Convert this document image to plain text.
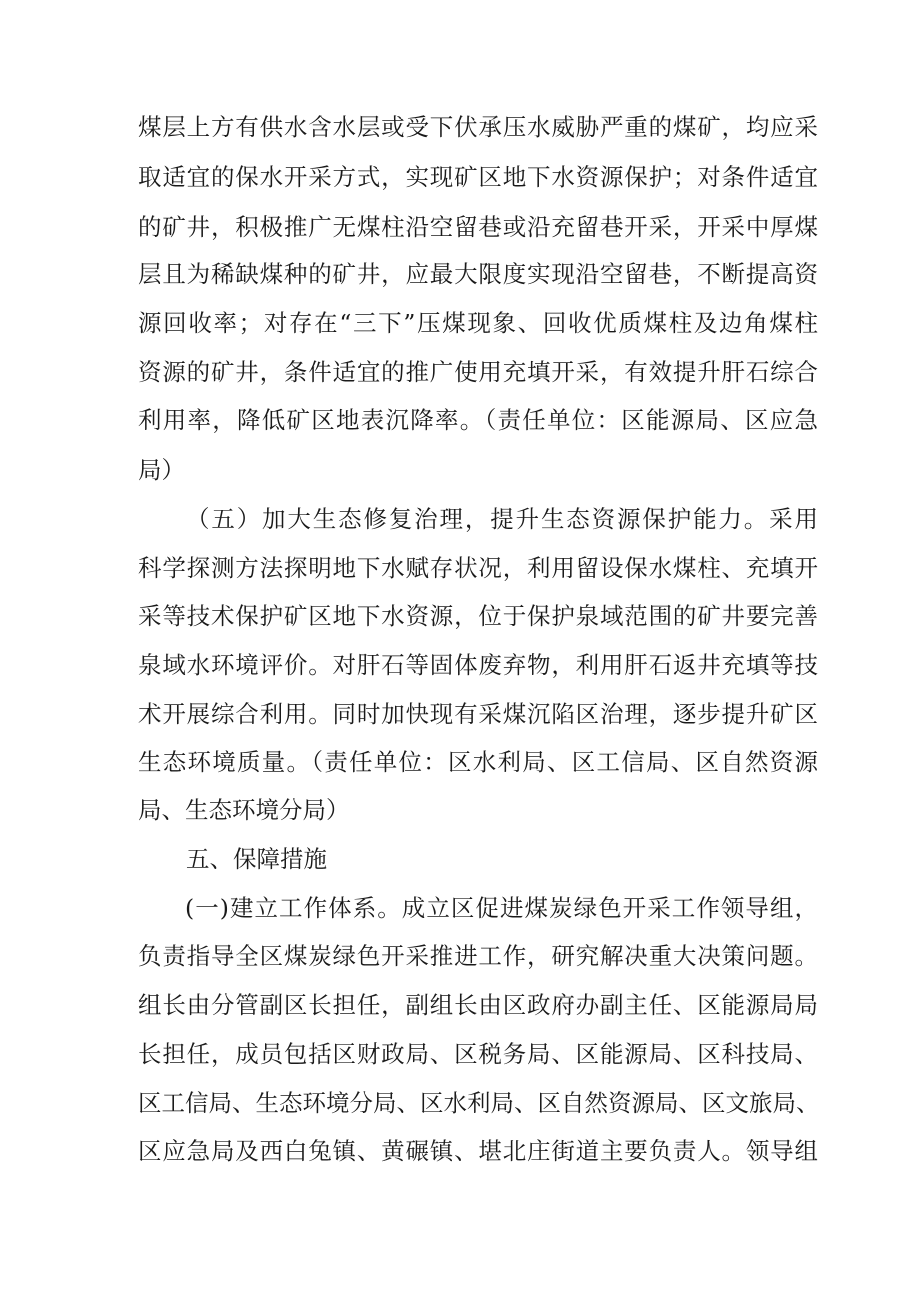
煤层上方有供水含水层或受下伏承压水威胁严重的煤矿，均应采
取适宜的保水开采方式，实现矿区地下水资源保护；对条件适宜
的矿井，积极推广无煤柱沿空留巷或沿充留巷开采，开采中厚煤
层且为稀缺煤种的矿井，应最大限度实现沿空留巷，不断提高资
源回收率；对存在“三下”压煤现象、回收优质煤柱及边角煤柱
资源的矿井，条件适宜的推广使用充填开采，有效提升肝石综合
利用率，降低矿区地表沉降率。（责任单位：区能源局、区应急
局）
（五）加大生态修复治理，提升生态资源保护能力。采用
科学探测方法探明地下水赋存状况，利用留设保水煤柱、充填开
采等技术保护矿区地下水资源，位于保护泉域范围的矿井要完善
泉域水环境评价。对肝石等固体废弃物，利用肝石返井充填等技
术开展综合利用。同时加快现有采煤沉陷区治理，逐步提升矿区
生态环境质量。（责任单位：区水利局、区工信局、区自然资源
局、生态环境分局）
五、保障措施
(一)建立工作体系。成立区促进煤炭绿色开采工作领导组，
负责指导全区煤炭绿色开采推进工作，研究解决重大决策问题。
组长由分管副区长担任，副组长由区政府办副主任、区能源局局
长担任，成员包括区财政局、区税务局、区能源局、区科技局、
区工信局、生态环境分局、区水利局、区自然资源局、区文旅局、
区应急局及西白兔镇、黄碾镇、堪北庄街道主要负责人。领导组
